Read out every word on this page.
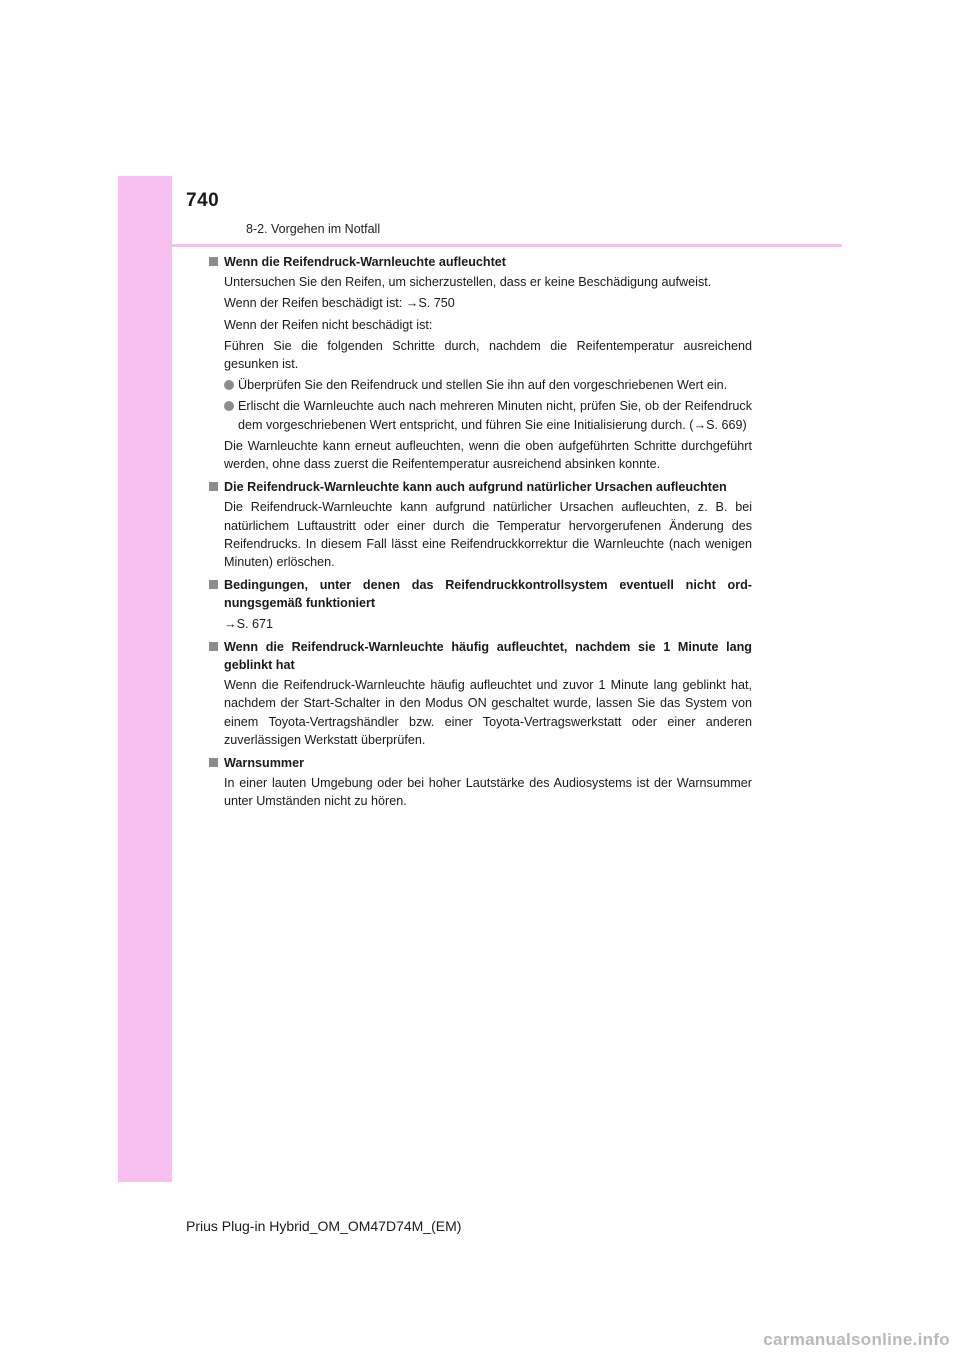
740
8-2. Vorgehen im Notfall
Wenn die Reifendruck-Warnleuchte aufleuchtet
Untersuchen Sie den Reifen, um sicherzustellen, dass er keine Beschädigung aufweist.
Wenn der Reifen beschädigt ist: →S. 750
Wenn der Reifen nicht beschädigt ist:
Führen Sie die folgenden Schritte durch, nachdem die Reifentemperatur ausreichend gesunken ist.
Überprüfen Sie den Reifendruck und stellen Sie ihn auf den vorgeschriebenen Wert ein.
Erlischt die Warnleuchte auch nach mehreren Minuten nicht, prüfen Sie, ob der Reifendruck dem vorgeschriebenen Wert entspricht, und führen Sie eine Initialisierung durch. (→S. 669)
Die Warnleuchte kann erneut aufleuchten, wenn die oben aufgeführten Schritte durchgeführt werden, ohne dass zuerst die Reifentemperatur ausreichend absinken konnte.
Die Reifendruck-Warnleuchte kann auch aufgrund natürlicher Ursachen aufleuchten
Die Reifendruck-Warnleuchte kann aufgrund natürlicher Ursachen aufleuchten, z. B. bei natürlichem Luftaustritt oder einer durch die Temperatur hervorgerufenen Änderung des Reifendrucks. In diesem Fall lässt eine Reifendruckkorrektur die Warnleuchte (nach wenigen Minuten) erlöschen.
Bedingungen, unter denen das Reifendruckkontrollsystem eventuell nicht ordnungsgemäß funktioniert
→S. 671
Wenn die Reifendruck-Warnleuchte häufig aufleuchtet, nachdem sie 1 Minute lang geblinkt hat
Wenn die Reifendruck-Warnleuchte häufig aufleuchtet und zuvor 1 Minute lang geblinkt hat, nachdem der Start-Schalter in den Modus ON geschaltet wurde, lassen Sie das System von einem Toyota-Vertragshändler bzw. einer Toyota-Vertragswerkstatt oder einer anderen zuverlässigen Werkstatt überprüfen.
Warnsummer
In einer lauten Umgebung oder bei hoher Lautstärke des Audiosystems ist der Warnsummer unter Umständen nicht zu hören.
Prius Plug-in Hybrid_OM_OM47D74M_(EM)
carmanualsonline.info
